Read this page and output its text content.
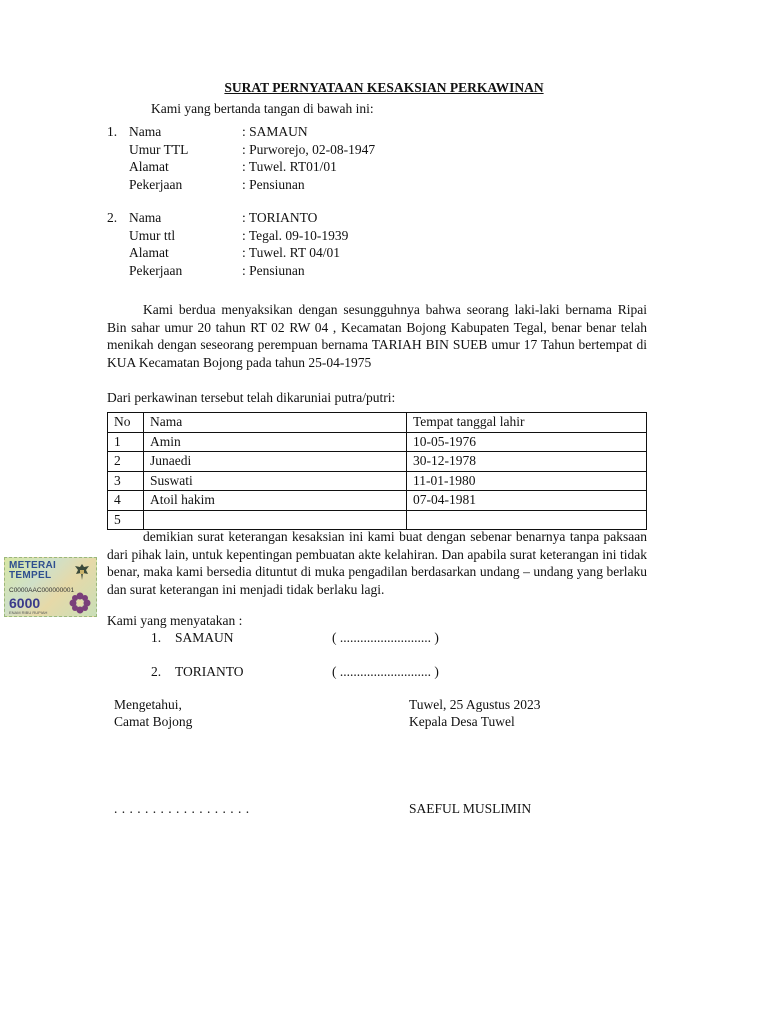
SURAT PERNYATAAN KESAKSIAN PERKAWINAN
Kami yang bertanda tangan di bawah ini:
1. Nama	: SAMAUN
Umur TTL	: Purworejo, 02-08-1947
Alamat	: Tuwel. RT01/01
Pekerjaan	: Pensiunan
2. Nama	: TORIANTO
Umur ttl	: Tegal. 09-10-1939
Alamat	: Tuwel. RT 04/01
Pekerjaan	: Pensiunan

Kami berdua menyaksikan dengan sesungguhnya bahwa seorang laki-laki bernama Ripai Bin sahar umur 20 tahun RT 02 RW 04 , Kecamatan Bojong Kabupaten Tegal, benar benar telah menikah dengan seseorang perempuan bernama TARIAH BIN SUEB umur 17 Tahun bertempat di KUA Kecamatan Bojong pada tahun 25-04-1975

Dari perkawinan tersebut telah dikaruniai putra/putri:
No	Nama	Tempat tanggal lahir
1	Amin	10-05-1976
2	Junaedi	30-12-1978
3	Suswati	11-01-1980
4	Atoil hakim	07-04-1981
5		

demikian surat keterangan kesaksian ini kami buat dengan sebenar benarnya tanpa paksaan dari pihak lain, untuk kepentingan pembuatan akte kelahiran. Dan apabila surat keterangan ini tidak benar, maka kami bersedia dituntut di muka pengadilan berdasarkan undang – undang yang berlaku dan surat keterangan ini menjadi tidak berlaku lagi.

METERAI
TEMPEL
C0000AAC000000001
6000
ENAM RIBU RUPIAH
Kami yang menyatakan :
1. SAMAUN	( ........................... )
2. TORIANTO	( ........................... )
Mengetahui,
Camat Bojong
. . . . . . . . . . . . . . . . . .
Tuwel, 25 Agustus 2023
Kepala Desa Tuwel
SAEFUL MUSLIMIN
